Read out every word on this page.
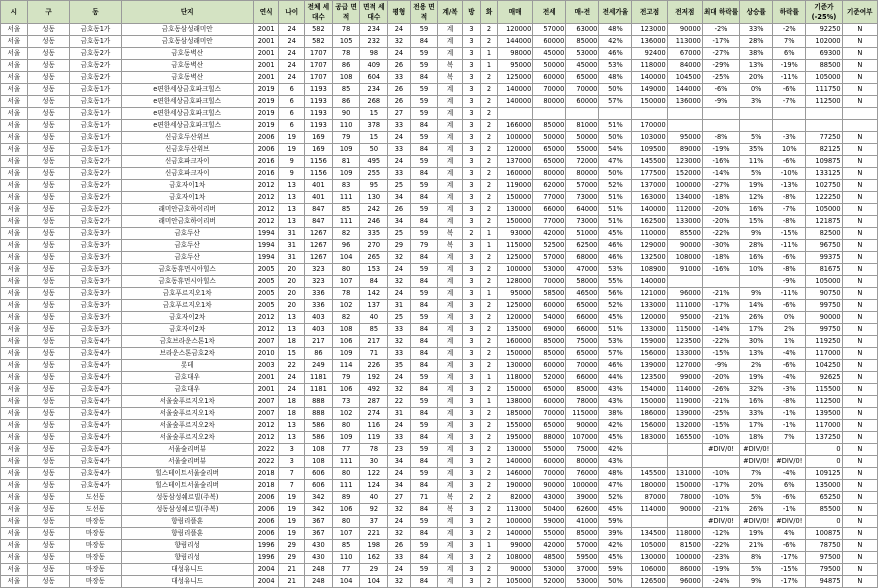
시	구	동	단지	연식	나이	전체 세대수	공급 면적	면적 세대수	평형	전용 면적	계/복	방	화	매매	전세	매-전	전세가율	전고점	전저점	최대 하락률	상승률	하락률	기준가 (-25%)	기준여부
서울	성동	금호동1가	금호동삼성래미안	2001	24	582	78	234	24	59	계	3	2	120000	57000	63000	48%	123000	90000	-2%	33%	-2%	92250	N
서울	성동	금호동1가	금호동삼성래미안	2001	24	582	105	232	32	84	계	3	2	144000	60000	85000	42%	136000	113000	-17%	28%	7%	102000	N
서울	성동	금호동2가	금호동벽산	2001	24	1707	78	98	24	59	계	3	1	98000	45000	53000	46%	92400	67000	-27%	38%	6%	69300	N
서울	성동	금호동2가	금호동벽산	2001	24	1707	86	409	26	59	복	3	1	95000	50000	45000	53%	118000	84000	-29%	13%	-19%	88500	N
서울	성동	금호동2가	금호동벽산	2001	24	1707	108	604	33	84	복	3	2	125000	60000	65000	48%	140000	104500	-25%	20%	-11%	105000	N
서울	성동	금호동1가	e편한세상금호파크힐스	2019	6	1193	85	234	26	59	계	3	2	140000	70000	70000	50%	149000	144000	-6%	0%	-6%	111750	N
서울	성동	금호동1가	e편한세상금호파크힐스	2019	6	1193	86	268	26	59	계	3	2	140000	80000	60000	57%	150000	136000	-9%	3%	-7%	112500	N
서울	성동	금호동1가	e편한세상금호파크힐스	2019	6	1193	90	15	27	59	계	3	2											
서울	성동	금호동1가	e편한세상금호파크힐스	2019	6	1193	110	378	33	84	계	3	2	166000	85000	81000	51%	170000						
서울	성동	금호동1가	신금호두산위브	2006	19	169	79	15	24	59	계	3	2	100000	50000	50000	50%	103000	95000	-8%	5%	-3%	77250	N
서울	성동	금호동1가	신금호두산위브	2006	19	169	109	50	33	84	계	3	2	120000	65000	55000	54%	109500	89000	-19%	35%	10%	82125	N
서울	성동	금호동2가	신금호파크자이	2016	9	1156	81	495	24	59	계	3	2	137000	65000	72000	47%	145500	123000	-16%	11%	-6%	109875	N
서울	성동	금호동2가	신금호파크자이	2016	9	1156	109	255	33	84	계	3	2	160000	80000	80000	50%	177500	152000	-14%	5%	-10%	133125	N
서울	성동	금호동2가	금호자이1차	2012	13	401	83	95	25	59	계	3	2	119000	62000	57000	52%	137000	100000	-27%	19%	-13%	102750	N
서울	성동	금호동2가	금호자이1차	2012	13	401	111	130	34	84	계	3	2	150000	77000	73000	51%	163000	134000	-18%	12%	-8%	122250	N
서울	성동	금호동2가	래미안금호하이리버	2012	13	847	85	242	26	59	계	3	2	130000	66000	64000	51%	140000	112000	-20%	16%	-7%	105000	N
서울	성동	금호동2가	래미안금호하이리버	2012	13	847	111	246	34	84	계	3	2	150000	77000	73000	51%	162500	133000	-20%	15%	-8%	121875	N
서울	성동	금호동3가	금호두산	1994	31	1267	82	335	25	59	복	2	1	93000	42000	51000	45%	110000	85500	-22%	9%	-15%	82500	N
서울	성동	금호동3가	금호두산	1994	31	1267	96	270	29	79	복	3	1	115000	52500	62500	46%	129000	90000	-30%	28%	-11%	96750	N
서울	성동	금호동3가	금호두산	1994	31	1267	104	265	32	84	계	3	2	125000	57000	68000	46%	132500	108000	-18%	16%	-6%	99375	N
서울	성동	금호동3가	금호동휴먼시아힐스	2005	20	323	80	153	24	59	계	3	2	100000	53000	47000	53%	108900	91000	-16%	10%	-8%	81675	N
서울	성동	금호동3가	금호동휴먼시아힐스	2005	20	323	107	84	32	84	계	3	2	128000	70000	58000	55%	140000				-9%	105000	N
서울	성동	금호동3가	금호푸르지오1차	2005	20	336	78	142	24	59	계	3	1	95000	58500	46500	56%	121000	96000	-21%	9%	-11%	90750	N
서울	성동	금호동3가	금호푸르지오1차	2005	20	336	102	137	31	84	계	3	2	125000	60000	65000	52%	133000	111000	-17%	14%	-6%	99750	N
서울	성동	금호동3가	금호자이2차	2012	13	403	82	40	25	59	계	3	2	120000	54000	66000	45%	120000	95000	-21%	26%	0%	90000	N
서울	성동	금호동3가	금호자이2차	2012	13	403	108	85	33	84	계	3	2	135000	69000	66000	51%	133000	115000	-14%	17%	2%	99750	N
서울	성동	금호동4가	금호브라운스톤1차	2007	18	217	106	217	32	84	계	3	2	160000	85000	75000	53%	159000	123500	-22%	30%	1%	119250	N
서울	성동	금호동4가	브라운스톤금호2차	2010	15	86	109	71	33	84	계	3	2	150000	85000	65000	57%	156000	133000	-15%	13%	-4%	117000	N
서울	성동	금호동4가	롯데	2003	22	249	114	226	35	84	계	3	2	130000	60000	70000	46%	139000	127000	-9%	2%	-6%	104250	N
서울	성동	금호동4가	금호대우	2001	24	1181	79	192	24	59	계	3	1	118000	52000	66000	44%	123500	99000	-20%	19%	-4%	92625	N
서울	성동	금호동4가	금호대우	2001	24	1181	106	492	32	84	계	3	2	150000	65000	85000	43%	154000	114000	-26%	32%	-3%	115500	N
서울	성동	금호동4가	서울숲푸르지오1차	2007	18	888	73	287	22	59	계	3	1	138000	60000	78000	43%	150000	119000	-21%	16%	-8%	112500	N
서울	성동	금호동4가	서울숲푸르지오1차	2007	18	888	102	274	31	84	계	3	2	185000	70000	115000	38%	186000	139000	-25%	33%	-1%	139500	N
서울	성동	금호동4가	서울숲푸르지오2차	2012	13	586	80	116	24	59	계	3	2	155000	65000	90000	42%	156000	132000	-15%	17%	-1%	117000	N
서울	성동	금호동4가	서울숲푸르지오2차	2012	13	586	109	119	33	84	계	3	2	195000	88000	107000	45%	183000	165500	-10%	18%	7%	137250	N
서울	성동	금호동4가	서울숲리버뷰	2022	3	108	77	78	23	59	계	3	2	130000	55000	75000	42%			#DIV/0!	#DIV/0!		0	N
서울	성동	금호동4가	서울숲리버뷰	2022	3	108	111	30	34	84	계	3	2	140000	60000	80000	43%				#DIV/0!	#DIV/0!	0	N
서울	성동	금호동4가	힐스테이트서울숲리버	2018	7	606	80	122	24	59	계	3	2	146000	70000	76000	48%	145500	131000	-10%	7%	-4%	109125	N
서울	성동	금호동4가	힐스테이트서울숲리버	2018	7	606	111	124	34	84	계	3	2	190000	90000	100000	47%	180000	150000	-17%	20%	6%	135000	N
서울	성동	도선동	성동삼성쉐르빌(주복)	2006	19	342	89	40	27	71	복	2	2	82000	43000	39000	52%	87000	78000	-10%	5%	-6%	65250	N
서울	성동	도선동	성동삼성쉐르빌(주복)	2006	19	342	106	92	32	84	복	3	2	113000	50400	62600	45%	114000	90000	-21%	26%	-1%	85500	N
서울	성동	마장동	향림리플훈	2006	19	367	80	37	24	59	계	3	2	100000	59000	41000	59%			#DIV/0!	#DIV/0!	#DIV/0!	0	N
서울	성동	마장동	향림리플훈	2006	19	367	107	221	32	84	계	3	2	140000	55000	85000	39%	134500	118000	-12%	19%	4%	100875	N
서울	성동	마장동	향림리성	1996	29	430	85	198	26	59	계	3	1	99000	42000	57000	42%	105000	81500	-22%	21%	-6%	78750	N
서울	성동	마장동	향림리성	1996	29	430	110	162	33	84	계	3	2	108000	48500	59500	45%	130000	100000	-23%	8%	-17%	97500	N
서울	성동	마장동	대성유니드	2004	21	248	77	29	24	59	계	3	2	90000	53000	37000	59%	106000	86000	-19%	5%	-15%	79500	N
서울	성동	마장동	대성유니드	2004	21	248	104	104	32	84	계	3	2	105000	52000	53000	50%	126500	96000	-24%	9%	-17%	94875	N
